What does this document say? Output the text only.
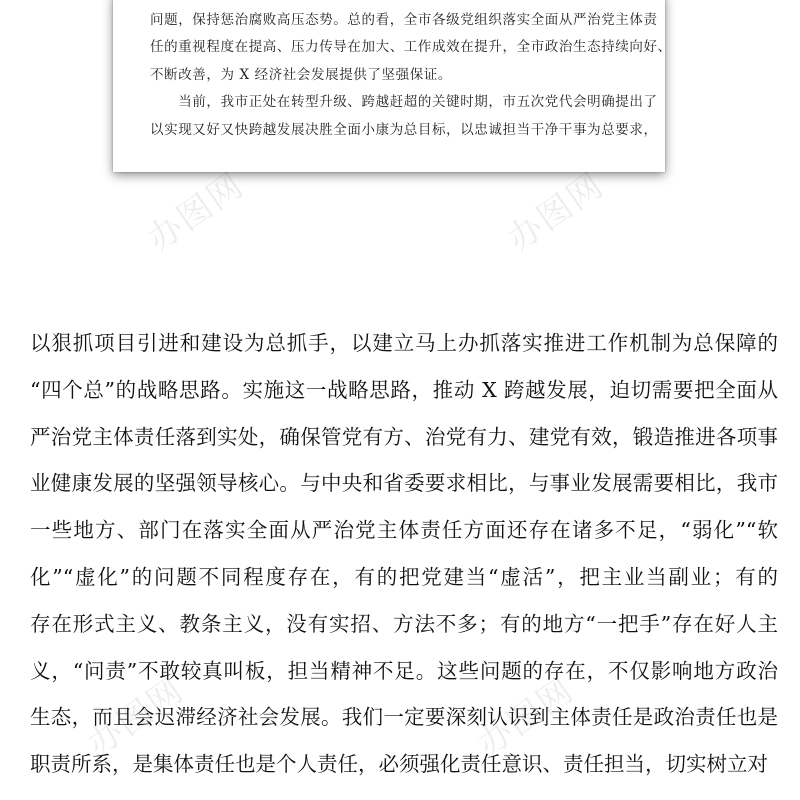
问题，保持惩治腐败高压态势。总的看，全市各级党组织落实全面从严治党主体责
任的重视程度在提高、压力传导在加大、工作成效在提升，全市政治生态持续向好、
不断改善，为 X 经济社会发展提供了坚强保证。
　　当前，我市正处在转型升级、跨越赶超的关键时期，市五次党代会明确提出了
以实现又好又快跨越发展决胜全面小康为总目标，以忠诚担当干净干事为总要求，
办图网	办图网
办图网	办图网
以狠抓项目引进和建设为总抓手，以建立马上办抓落实推进工作机制为总保障的
“四个总”的战略思路。实施这一战略思路，推动 X 跨越发展，迫切需要把全面从
严治党主体责任落到实处，确保管党有方、治党有力、建党有效，锻造推进各项事
业健康发展的坚强领导核心。与中央和省委要求相比，与事业发展需要相比，我市
一些地方、部门在落实全面从严治党主体责任方面还存在诸多不足，“弱化”“软
化”“虚化”的问题不同程度存在，有的把党建当“虚活”，把主业当副业；有的
存在形式主义、教条主义，没有实招、方法不多；有的地方“一把手”存在好人主
义，“问责”不敢较真叫板，担当精神不足。这些问题的存在，不仅影响地方政治
生态，而且会迟滞经济社会发展。我们一定要深刻认识到主体责任是政治责任也是
职责所系，是集体责任也是个人责任，必须强化责任意识、责任担当，切实树立对
